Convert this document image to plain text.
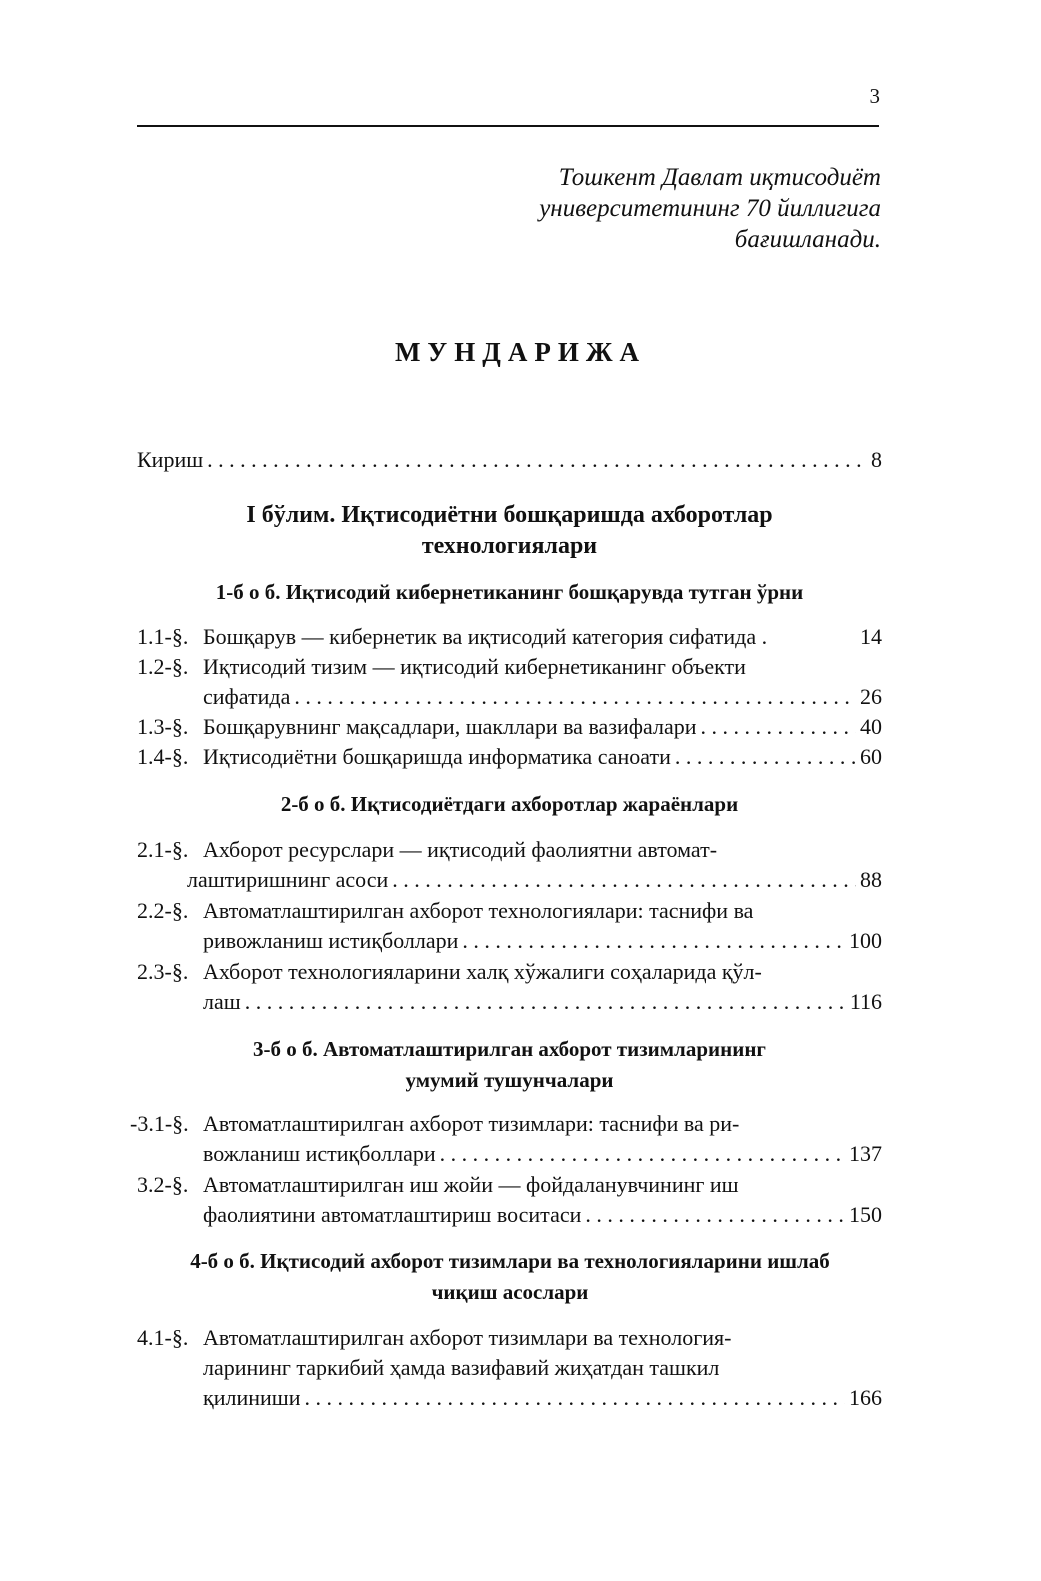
3
Тошкент Давлат иқтисодиёт
университетининг 70 йиллигига
бағишланади.
МУНДАРИЖА
Кириш . . .	8
I бўлим. Иқтисодиётни бошқаришда ахборотлар
технологиялари
1-б о б. Иқтисодий кибернетиканинг бошқарувда тутган ўрни
1.1-§. Бошқарув — кибернетик ва иқтисодий категория сифатида .	14
1.2-§. Иқтисодий тизим — иқтисодий кибернетиканинг объекти
сифатида . . .	26
1.3-§. Бошқарувнинг мақсадлари, шакллари ва вазифалари . . .	40
1.4-§. Иқтисодиётни бошқаришда информатика саноати . . .	60
2-б о б. Иқтисодиётдаги ахборотлар жараёнлари
2.1-§. Ахборот ресурслари — иқтисодий фаолиятни автомат-
лаштиришнинг асоси . . .	88
2.2-§. Автоматлаштирилган ахборот технологиялари: таснифи ва
ривожланиш истиқболлари . . .	100
2.3-§. Ахборот технологияларини халқ хўжалиги соҳаларида қўл-
лаш . . .	116
3-б о б. Автоматлаштирилган ахборот тизимларининг
умумий тушунчалари
-3.1-§. Автоматлаштирилган ахборот тизимлари: таснифи ва ри-
вожланиш истиқболлари . . .	137
3.2-§. Автоматлаштирилган иш жойи — фойдаланувчининг иш
фаолиятини автоматлаштириш воситаси . . .	150
4-б о б. Иқтисодий ахборот тизимлари ва технологияларини ишлаб
чиқиш асослари
4.1-§. Автоматлаштирилган ахборот тизимлари ва технология-
ларининг таркибий ҳамда вазифавий жиҳатдан ташкил
қилиниши . . .	166
